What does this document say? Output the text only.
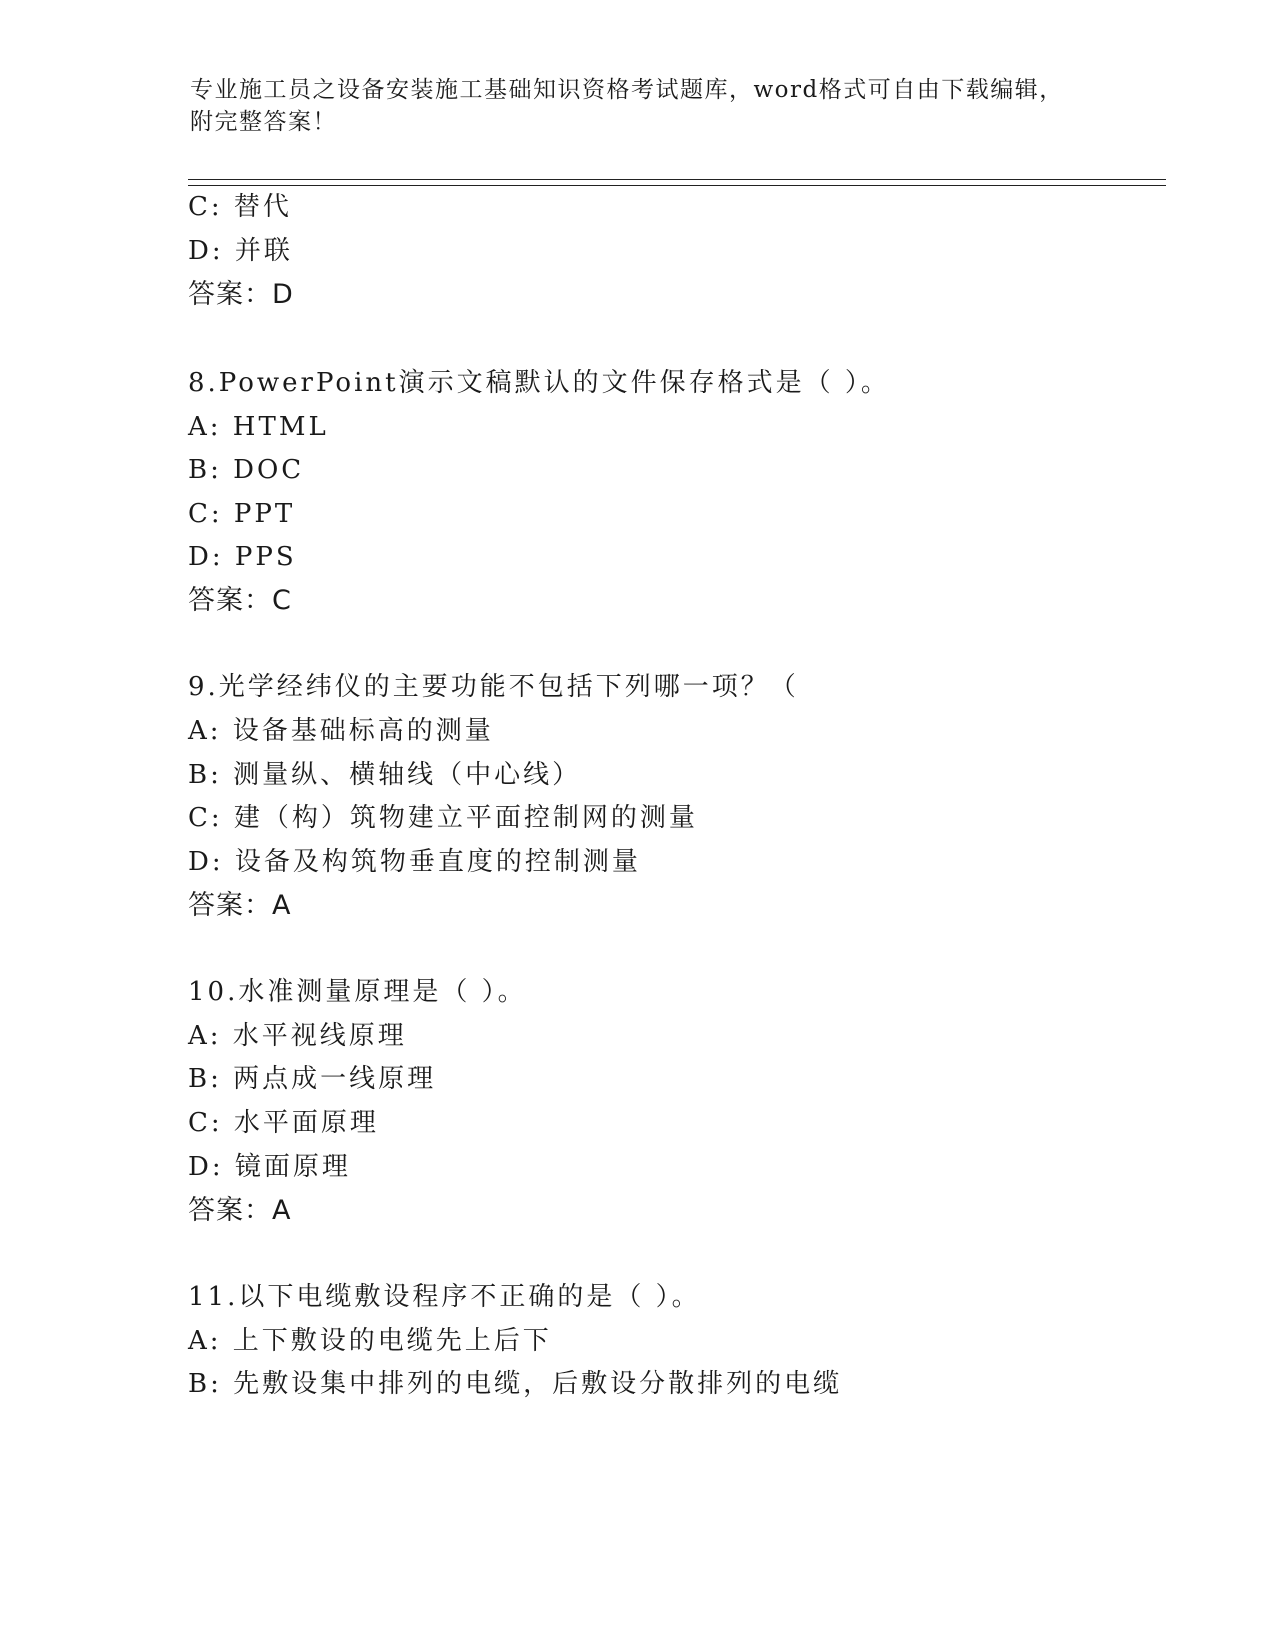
专业施工员之设备安装施工基础知识资格考试题库，word格式可自由下载编辑，
附完整答案！
C: 替代
D: 并联
答案：D
8.PowerPoint演示文稿默认的文件保存格式是（ ）。
A: HTML
B: DOC
C: PPT
D: PPS
答案：C
9.光学经纬仪的主要功能不包括下列哪一项？（
A: 设备基础标高的测量
B: 测量纵、横轴线（中心线）
C: 建（构）筑物建立平面控制网的测量
D: 设备及构筑物垂直度的控制测量
答案：A
10.水准测量原理是（ ）。
A: 水平视线原理
B: 两点成一线原理
C: 水平面原理
D: 镜面原理
答案：A
11.以下电缆敷设程序不正确的是（ ）。
A: 上下敷设的电缆先上后下
B: 先敷设集中排列的电缆，后敷设分散排列的电缆
